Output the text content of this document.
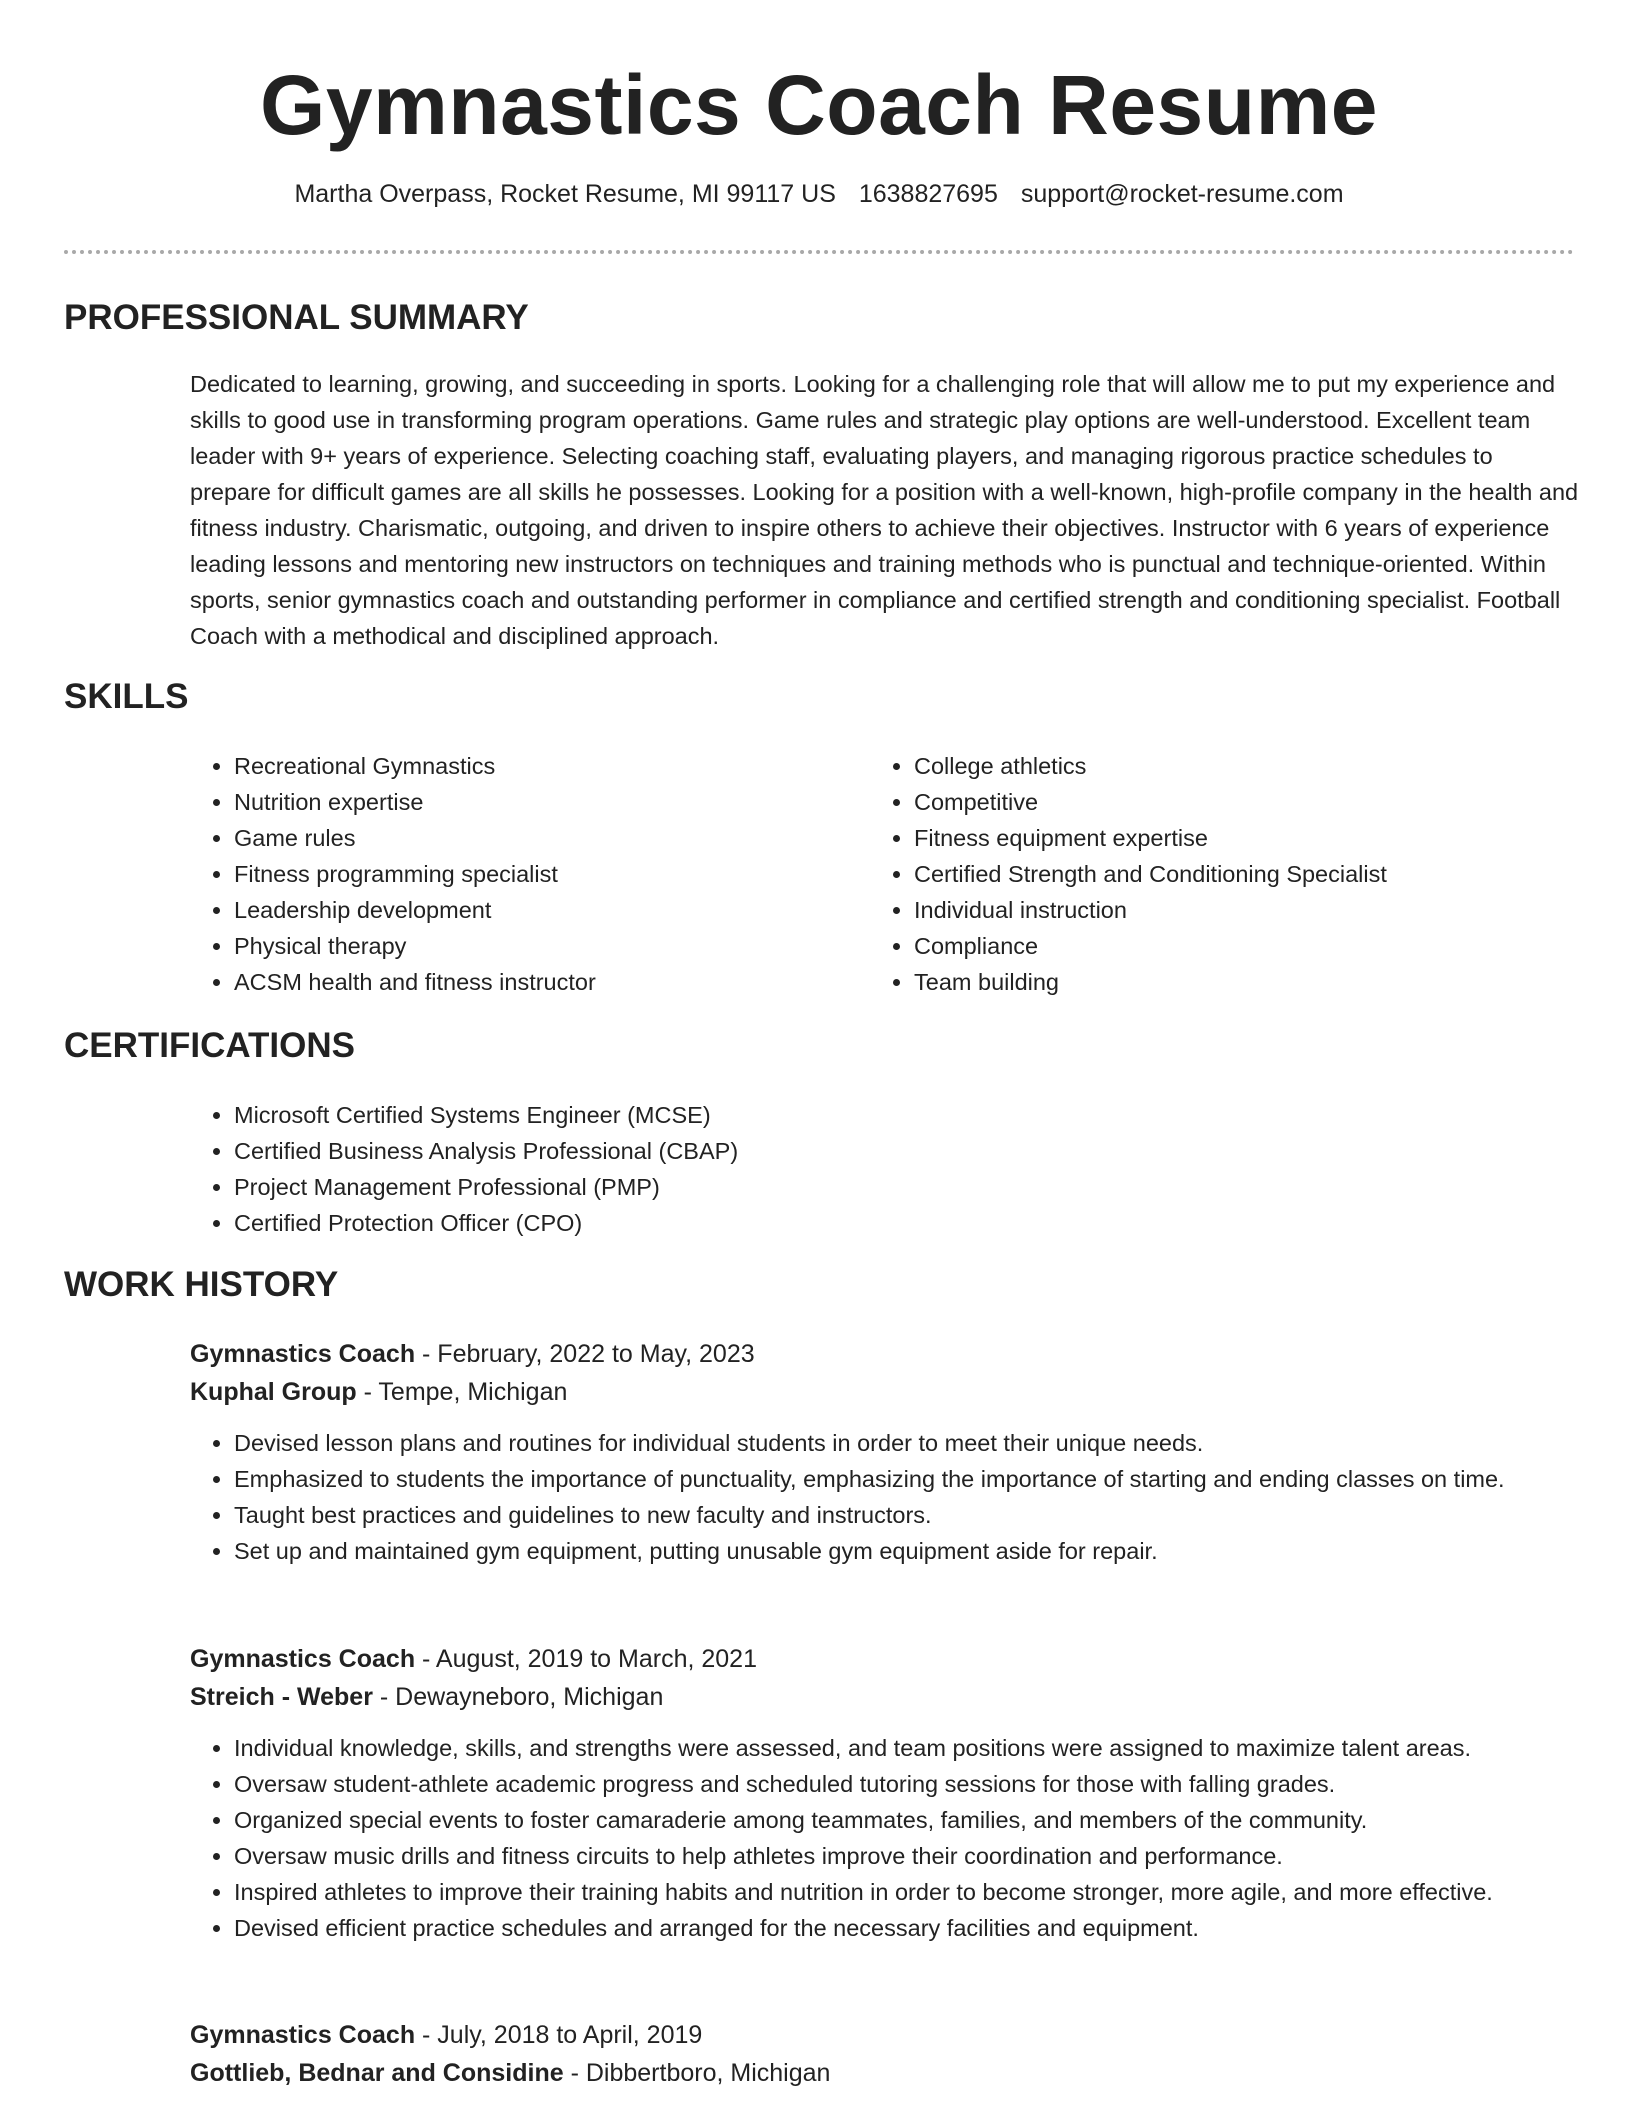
Gymnastics Coach Resume
Martha Overpass, Rocket Resume, MI 99117 US 1638827695 support@rocket-resume.com
PROFESSIONAL SUMMARY

Dedicated to learning, growing, and succeeding in sports. Looking for a challenging role that will allow me to put my experience and skills to good use in transforming program operations. Game rules and strategic play options are well-understood. Excellent team leader with 9+ years of experience. Selecting coaching staff, evaluating players, and managing rigorous practice schedules to prepare for difficult games are all skills he possesses. Looking for a position with a well-known, high-profile company in the health and fitness industry. Charismatic, outgoing, and driven to inspire others to achieve their objectives. Instructor with 6 years of experience leading lessons and mentoring new instructors on techniques and training methods who is punctual and technique-oriented. Within sports, senior gymnastics coach and outstanding performer in compliance and certified strength and conditioning specialist. Football Coach with a methodical and disciplined approach.

SKILLS
• Recreational Gymnastics
• Nutrition expertise
• Game rules
• Fitness programming specialist
• Leadership development
• Physical therapy
• ACSM health and fitness instructor
• College athletics
• Competitive
• Fitness equipment expertise
• Certified Strength and Conditioning Specialist
• Individual instruction
• Compliance
• Team building
CERTIFICATIONS
• Microsoft Certified Systems Engineer (MCSE)
• Certified Business Analysis Professional (CBAP)
• Project Management Professional (PMP)
• Certified Protection Officer (CPO)
WORK HISTORY

Gymnastics Coach - February, 2022 to May, 2023

Kuphal Group - Tempe, Michigan

• Devised lesson plans and routines for individual students in order to meet their unique needs.
• Emphasized to students the importance of punctuality, emphasizing the importance of starting and ending classes on time.
• Taught best practices and guidelines to new faculty and instructors.
• Set up and maintained gym equipment, putting unusable gym equipment aside for repair.

Gymnastics Coach - August, 2019 to March, 2021

Streich - Weber - Dewayneboro, Michigan

• Individual knowledge, skills, and strengths were assessed, and team positions were assigned to maximize talent areas.
• Oversaw student-athlete academic progress and scheduled tutoring sessions for those with falling grades.
• Organized special events to foster camaraderie among teammates, families, and members of the community.
• Oversaw music drills and fitness circuits to help athletes improve their coordination and performance.
• Inspired athletes to improve their training habits and nutrition in order to become stronger, more agile, and more effective.
• Devised efficient practice schedules and arranged for the necessary facilities and equipment.

Gymnastics Coach - July, 2018 to April, 2019

Gottlieb, Bednar and Considine - Dibbertboro, Michigan
